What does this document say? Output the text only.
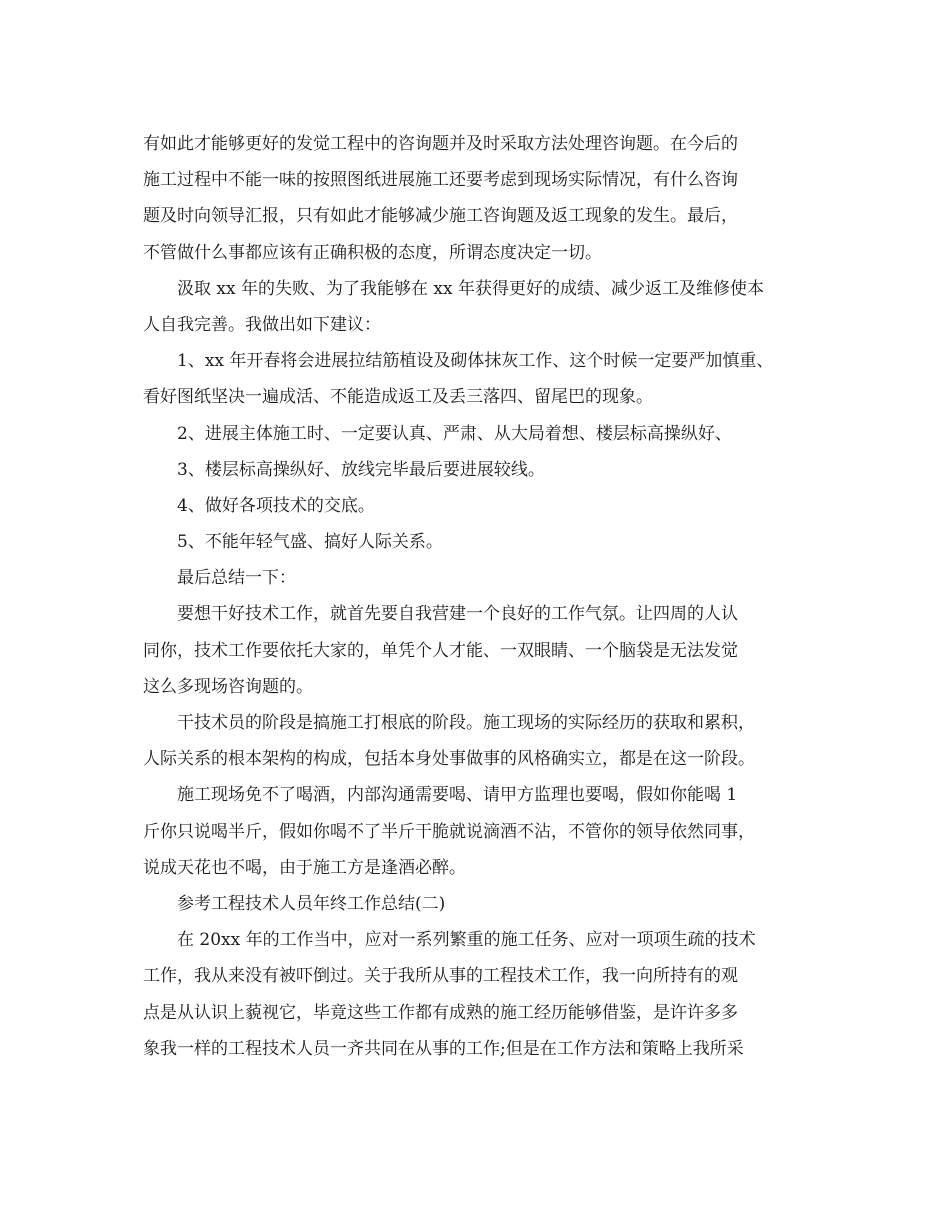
有如此才能够更好的发觉工程中的咨询题并及时采取方法处理咨询题。在今后的
施工过程中不能一味的按照图纸进展施工还要考虑到现场实际情况，有什么咨询
题及时向领导汇报，只有如此才能够减少施工咨询题及返工现象的发生。最后，
不管做什么事都应该有正确积极的态度，所谓态度决定一切。
汲取 xx 年的失败、为了我能够在 xx 年获得更好的成绩、减少返工及维修使本
人自我完善。我做出如下建议：
1、xx 年开春将会进展拉结筋植设及砌体抹灰工作、这个时候一定要严加慎重、
看好图纸坚决一遍成活、不能造成返工及丢三落四、留尾巴的现象。
2、进展主体施工时、一定要认真、严肃、从大局着想、楼层标高操纵好、
3、楼层标高操纵好、放线完毕最后要进展较线。
4、做好各项技术的交底。
5、不能年轻气盛、搞好人际关系。
最后总结一下：
要想干好技术工作，就首先要自我营建一个良好的工作气氛。让四周的人认
同你，技术工作要依托大家的，单凭个人才能、一双眼睛、一个脑袋是无法发觉
这么多现场咨询题的。
干技术员的阶段是搞施工打根底的阶段。施工现场的实际经历的获取和累积，
人际关系的根本架构的构成，包括本身处事做事的风格确实立，都是在这一阶段。
施工现场免不了喝酒，内部沟通需要喝、请甲方监理也要喝，假如你能喝 1
斤你只说喝半斤，假如你喝不了半斤干脆就说滴酒不沾，不管你的领导依然同事，
说成天花也不喝，由于施工方是逢酒必醉。
参考工程技术人员年终工作总结(二)
在 20xx 年的工作当中，应对一系列繁重的施工任务、应对一项项生疏的技术
工作，我从来没有被吓倒过。关于我所从事的工程技术工作，我一向所持有的观
点是从认识上藐视它，毕竟这些工作都有成熟的施工经历能够借鉴，是许许多多
象我一样的工程技术人员一齐共同在从事的工作;但是在工作方法和策略上我所采
